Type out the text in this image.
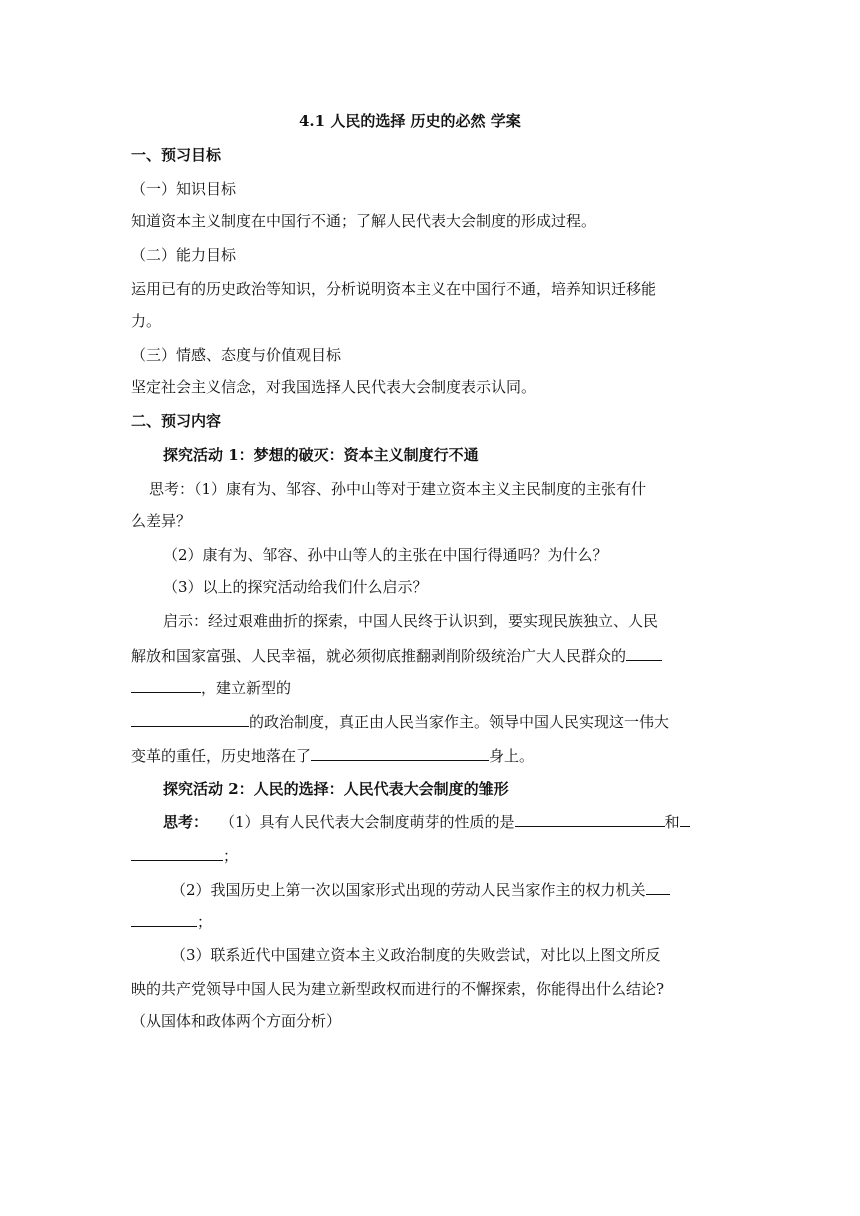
4.1 人民的选择 历史的必然 学案
一、预习目标
（一）知识目标
知道资本主义制度在中国行不通；了解人民代表大会制度的形成过程。
（二）能力目标
运用已有的历史政治等知识，分析说明资本主义在中国行不通，培养知识迁移能
力。
（三）情感、态度与价值观目标
坚定社会主义信念，对我国选择人民代表大会制度表示认同。
二、预习内容
探究活动 1：梦想的破灭：资本主义制度行不通
思考：（1）康有为、邹容、孙中山等对于建立资本主义主民制度的主张有什
么差异？
（2）康有为、邹容、孙中山等人的主张在中国行得通吗？为什么？
（3）以上的探究活动给我们什么启示？
启示：经过艰难曲折的探索，中国人民终于认识到，要实现民族独立、人民
解放和国家富强、人民幸福，就必须彻底推翻剥削阶级统治广大人民群众的
，建立新型的
的政治制度，真正由人民当家作主。领导中国人民实现这一伟大
变革的重任，历史地落在了	身上。
探究活动 2：人民的选择：人民代表大会制度的雏形
思考： （1）具有人民代表大会制度萌芽的性质的是	和
；
（2）我国历史上第一次以国家形式出现的劳动人民当家作主的权力机关
；
（3）联系近代中国建立资本主义政治制度的失败尝试，对比以上图文所反
映的共产党领导中国人民为建立新型政权而进行的不懈探索，你能得出什么结论?
（从国体和政体两个方面分析）
